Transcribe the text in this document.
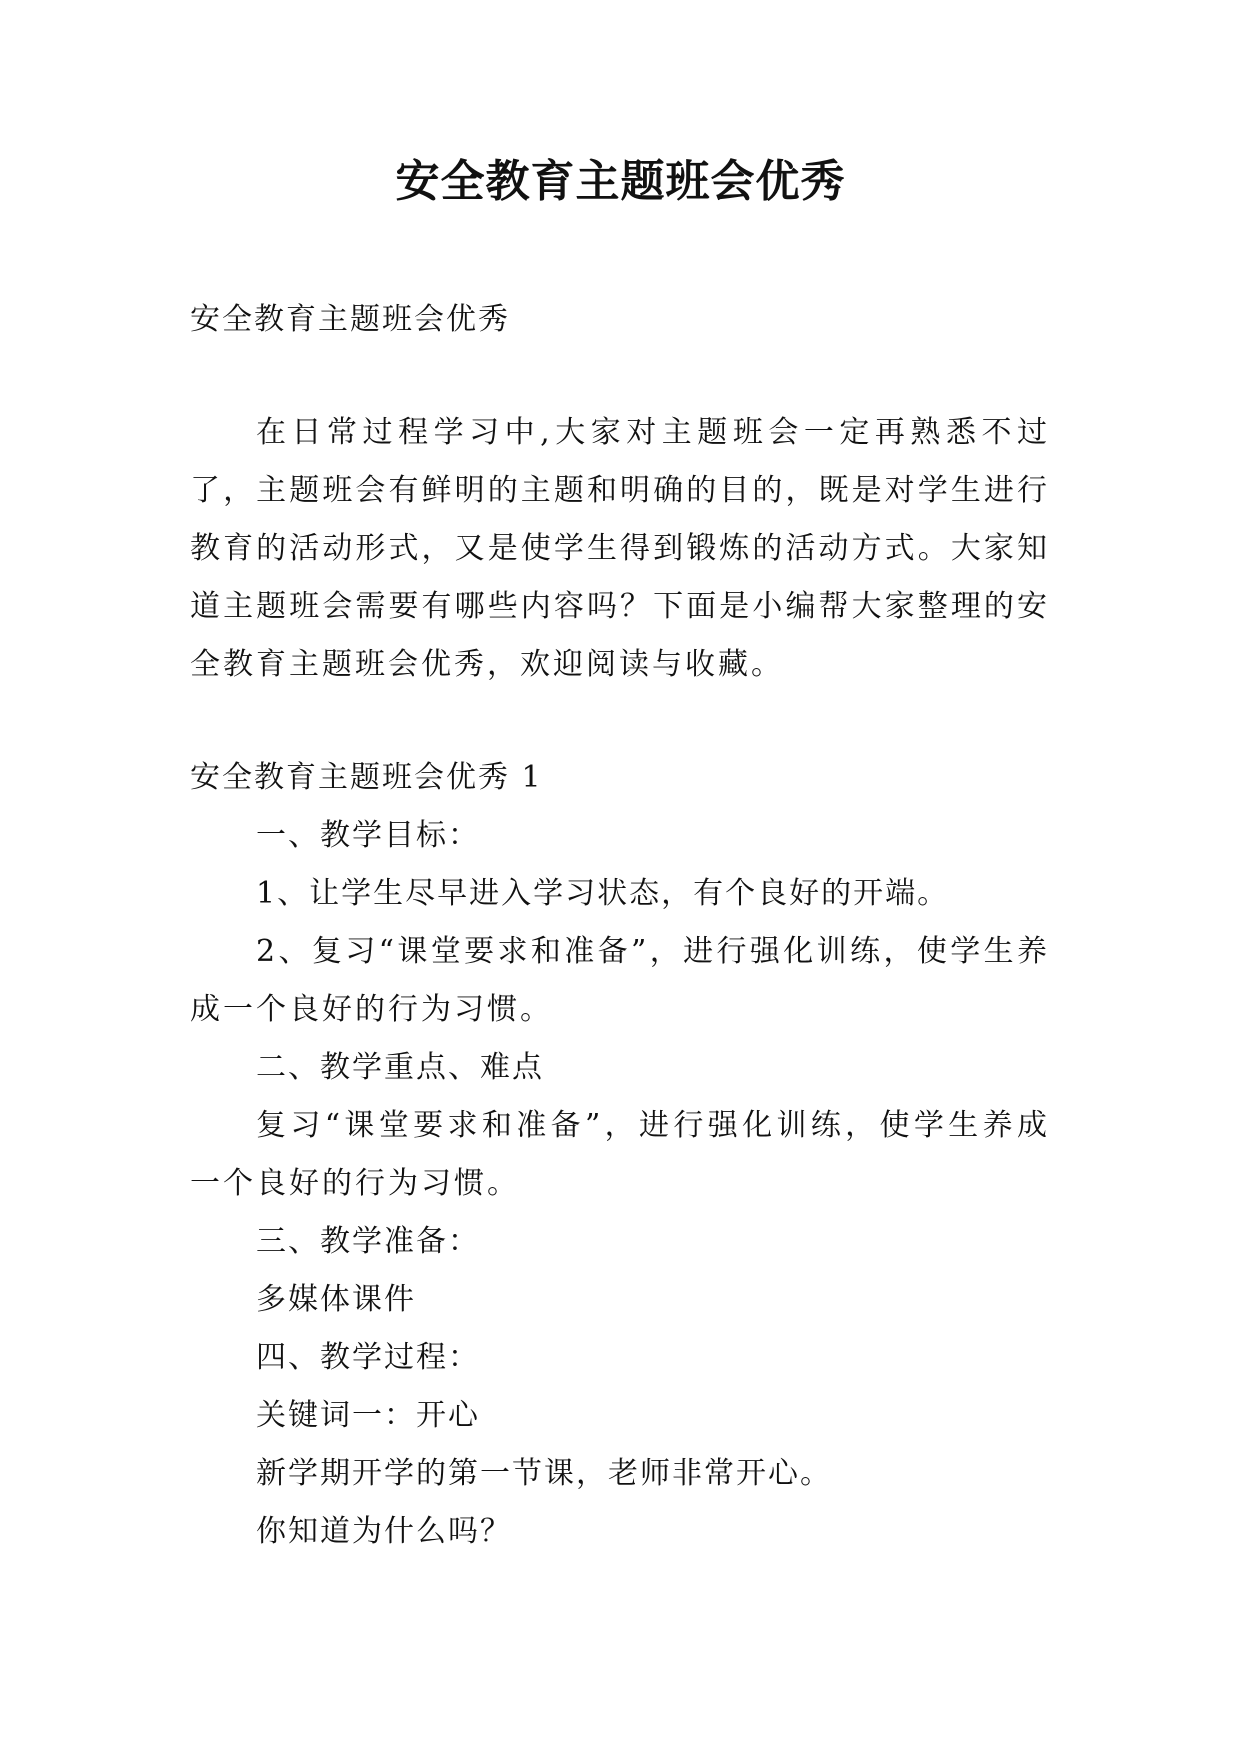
安全教育主题班会优秀

安全教育主题班会优秀

在日常过程学习中,大家对主题班会一定再熟悉不过了，主题班会有鲜明的主题和明确的目的，既是对学生进行教育的活动形式，又是使学生得到锻炼的活动方式。大家知道主题班会需要有哪些内容吗？下面是小编帮大家整理的安全教育主题班会优秀，欢迎阅读与收藏。

安全教育主题班会优秀 1

一、教学目标：

1、让学生尽早进入学习状态，有个良好的开端。

2、复习“课堂要求和准备”，进行强化训练，使学生养成一个良好的行为习惯。

二、教学重点、难点

复习“课堂要求和准备”，进行强化训练，使学生养成一个良好的行为习惯。

三、教学准备：

多媒体课件

四、教学过程：

关键词一：开心

新学期开学的第一节课，老师非常开心。

你知道为什么吗？
